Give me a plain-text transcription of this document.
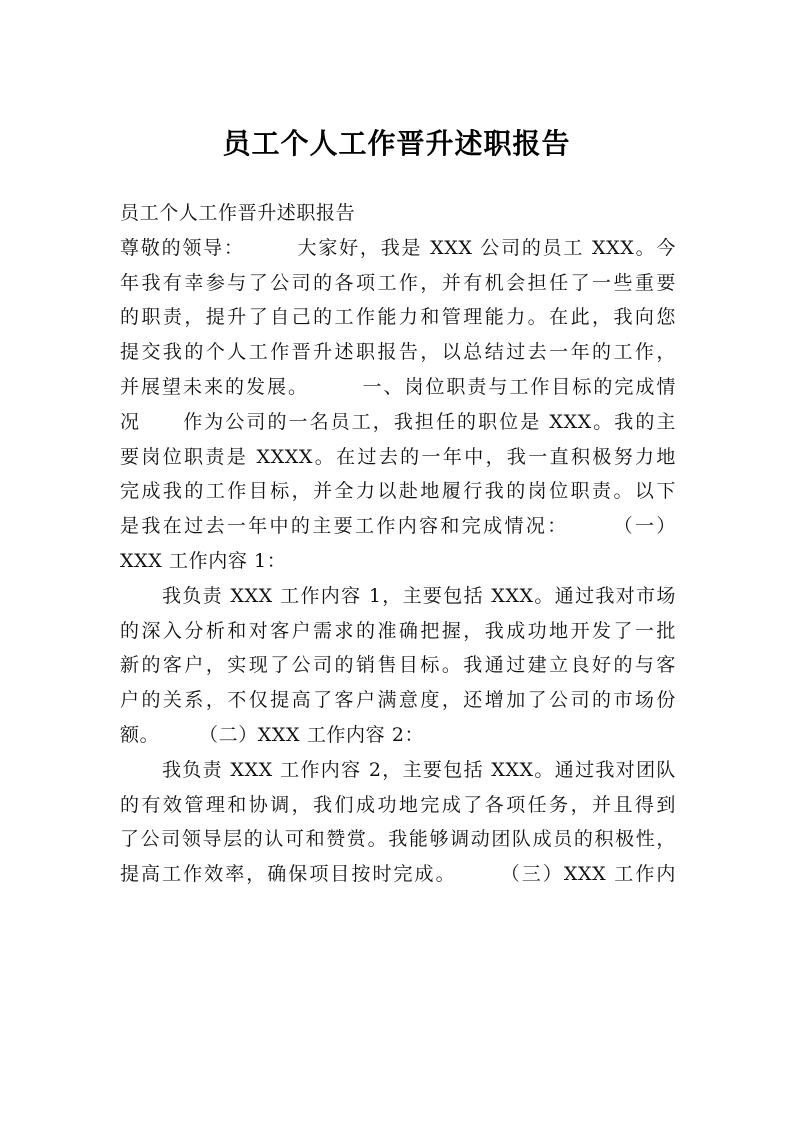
员工个人工作晋升述职报告
员工个人工作晋升述职报告
尊敬的领导：　　　大家好，我是 XXX 公司的员工 XXX。今
年我有幸参与了公司的各项工作，并有机会担任了一些重要
的职责，提升了自己的工作能力和管理能力。在此，我向您
提交我的个人工作晋升述职报告，以总结过去一年的工作，
并展望未来的发展。　　　一、岗位职责与工作目标的完成情
况　　作为公司的一名员工，我担任的职位是 XXX。我的主
要岗位职责是 XXXX。在过去的一年中，我一直积极努力地
完成我的工作目标，并全力以赴地履行我的岗位职责。以下
是我在过去一年中的主要工作内容和完成情况：　　　（一）
XXX 工作内容 1：
我负责 XXX 工作内容 1，主要包括 XXX。通过我对市场
的深入分析和对客户需求的准确把握，我成功地开发了一批
新的客户，实现了公司的销售目标。我通过建立良好的与客
户的关系，不仅提高了客户满意度，还增加了公司的市场份
额。　　　（二）XXX 工作内容 2：
我负责 XXX 工作内容 2，主要包括 XXX。通过我对团队
的有效管理和协调，我们成功地完成了各项任务，并且得到
了公司领导层的认可和赞赏。我能够调动团队成员的积极性，
提高工作效率，确保项目按时完成。　　　（三）XXX 工作内
